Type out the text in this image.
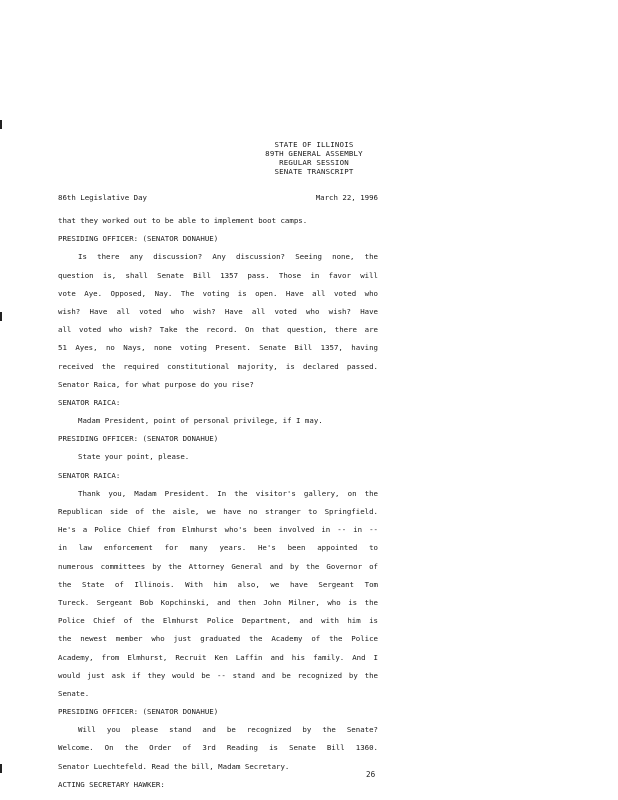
STATE OF ILLINOIS
89TH GENERAL ASSEMBLY
REGULAR SESSION
SENATE TRANSCRIPT
86th Legislative Day	March 22, 1996
that they worked out to be able to implement boot camps.
PRESIDING OFFICER: (SENATOR DONAHUE)
Is there any discussion? Any discussion? Seeing none, the
question is, shall Senate Bill 1357 pass. Those in favor will
vote Aye. Opposed, Nay. The voting is open. Have all voted who
wish? Have all voted who wish? Have all voted who wish? Have
all voted who wish? Take the record. On that question, there are
51 Ayes, no Nays, none voting Present. Senate Bill 1357, having
received the required constitutional majority, is declared passed.
Senator Raica, for what purpose do you rise?
SENATOR RAICA:
Madam President, point of personal privilege, if I may.
PRESIDING OFFICER: (SENATOR DONAHUE)
State your point, please.
SENATOR RAICA:
Thank you, Madam President. In the visitor's gallery, on the
Republican side of the aisle, we have no stranger to Springfield.
He's a Police Chief from Elmhurst who's been involved in -- in --
in law enforcement for many years. He's been appointed to
numerous committees by the Attorney General and by the Governor of
the State of Illinois. With him also, we have Sergeant Tom
Tureck. Sergeant Bob Kopchinski, and then John Milner, who is the
Police Chief of the Elmhurst Police Department, and with him is
the newest member who just graduated the Academy of the Police
Academy, from Elmhurst, Recruit Ken Laffin and his family. And I
would just ask if they would be -- stand and be recognized by the
Senate.
PRESIDING OFFICER: (SENATOR DONAHUE)
Will you please stand and be recognized by the Senate?
Welcome. On the Order of 3rd Reading is Senate Bill 1360.
Senator Luechtefeld. Read the bill, Madam Secretary.
ACTING SECRETARY HAWKER:
26
